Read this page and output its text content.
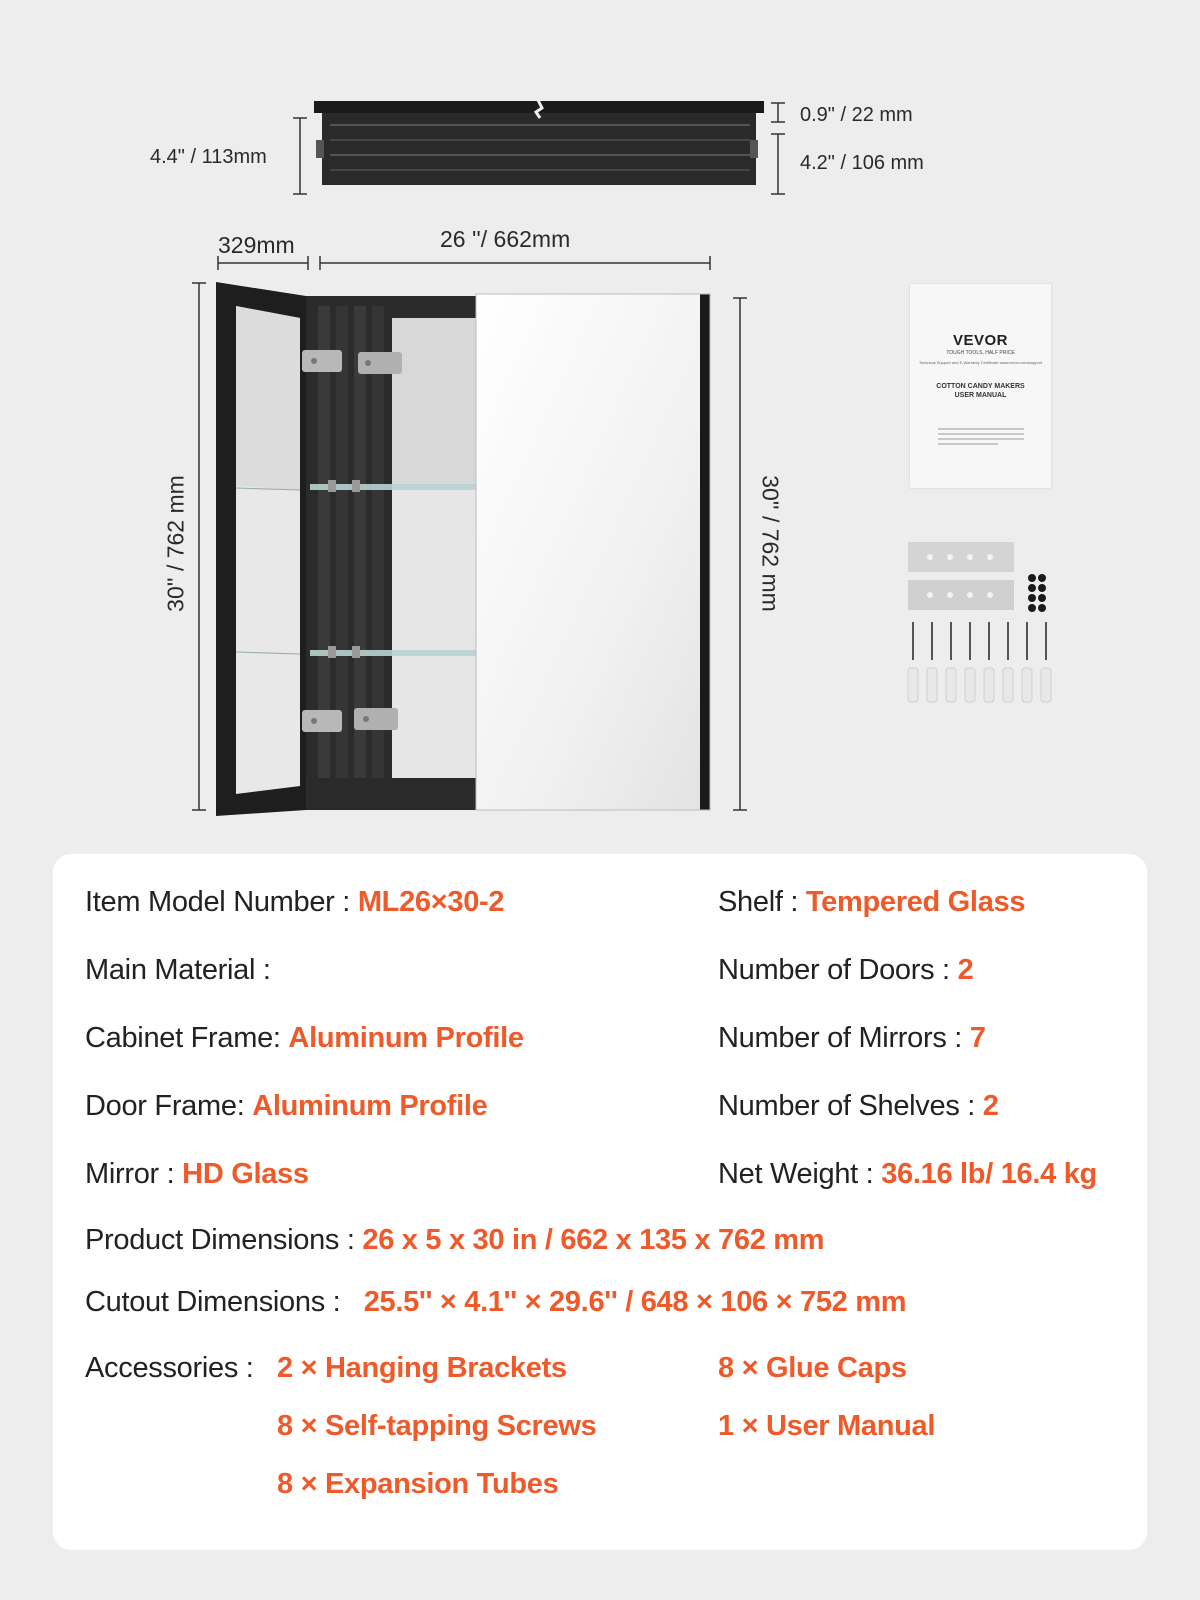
4.4" / 113mm
0.9" / 22 mm
4.2" / 106 mm
329mm	26 ''/ 662mm
30'' / 762 mm	30'' / 762 mm
VEVOR
TOUGH TOOLS, HALF PRICE
Technical Support and E-Warranty Certificate www.vevor.com/support
COTTON CANDY MAKERS
USER MANUAL
Item Model Number : ML26×30-2
Main Material :
Cabinet Frame: Aluminum Profile
Door Frame: Aluminum Profile
Mirror : HD Glass
Shelf : Tempered Glass
Number of Doors : 2
Number of Mirrors : 7
Number of Shelves : 2
Net Weight : 36.16 lb/ 16.4 kg
Product Dimensions : 26 x 5 x 30 in / 662 x 135 x 762 mm
Cutout Dimensions :   25.5'' × 4.1'' × 29.6'' / 648 × 106 × 752 mm
Accessories : 2 × Hanging Brackets
8 × Self-tapping Screws
8 × Expansion Tubes
8 × Glue Caps
1 × User Manual
